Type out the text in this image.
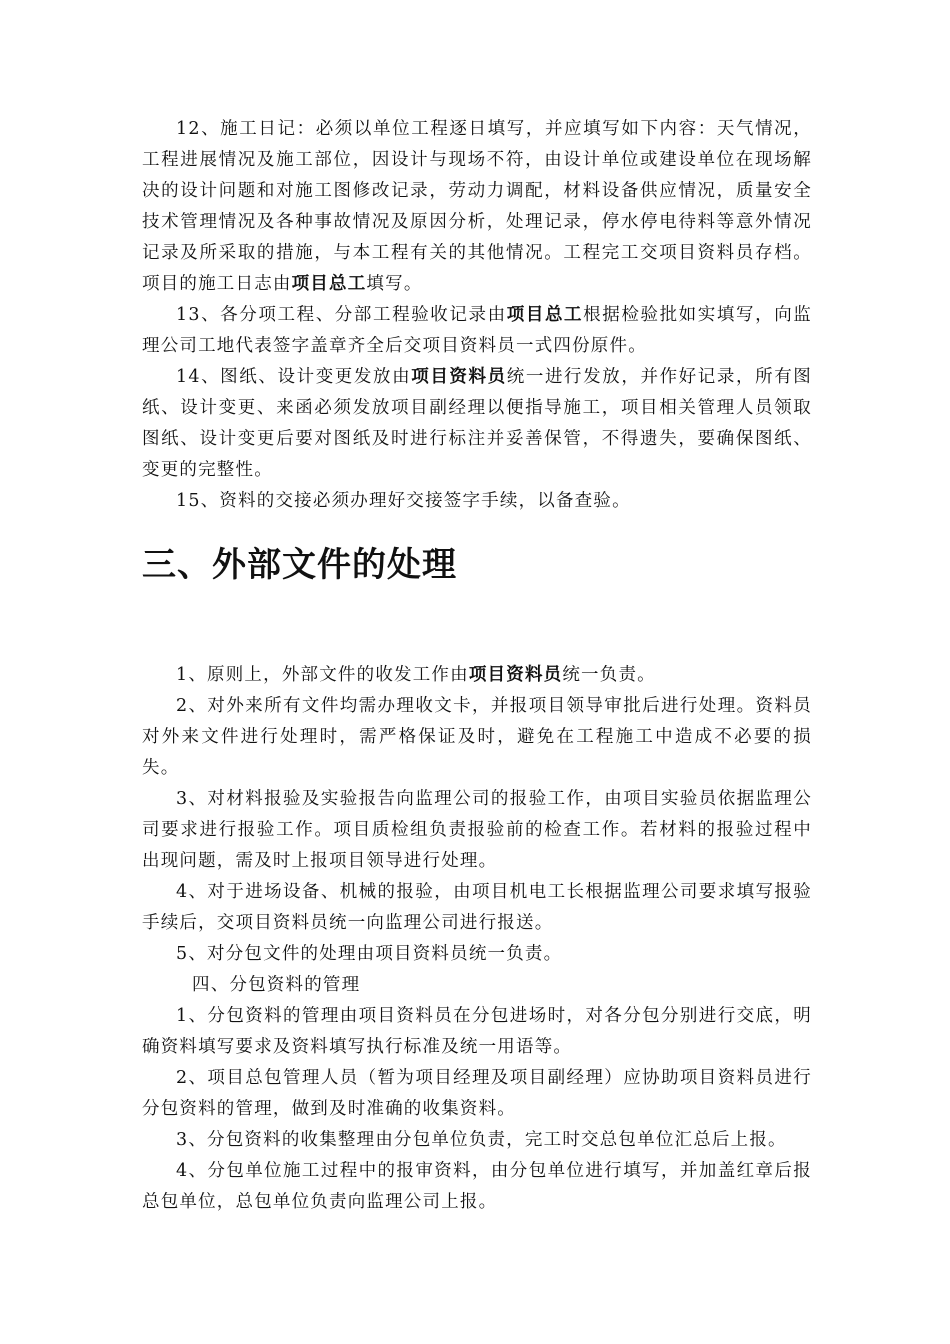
12、施工日记：必须以单位工程逐日填写，并应填写如下内容：天气情况，工程进展情况及施工部位，因设计与现场不符，由设计单位或建设单位在现场解决的设计问题和对施工图修改记录，劳动力调配，材料设备供应情况，质量安全技术管理情况及各种事故情况及原因分析，处理记录，停水停电待料等意外情况记录及所采取的措施，与本工程有关的其他情况。工程完工交项目资料员存档。项目的施工日志由项目总工填写。

13、各分项工程、分部工程验收记录由项目总工根据检验批如实填写，向监理公司工地代表签字盖章齐全后交项目资料员一式四份原件。

14、图纸、设计变更发放由项目资料员统一进行发放，并作好记录，所有图纸、设计变更、来函必须发放项目副经理以便指导施工，项目相关管理人员领取图纸、设计变更后要对图纸及时进行标注并妥善保管，不得遗失，要确保图纸、变更的完整性。

15、资料的交接必须办理好交接签字手续，以备查验。

三、外部文件的处理

1、原则上，外部文件的收发工作由项目资料员统一负责。

2、对外来所有文件均需办理收文卡，并报项目领导审批后进行处理。资料员对外来文件进行处理时，需严格保证及时，避免在工程施工中造成不必要的损失。

3、对材料报验及实验报告向监理公司的报验工作，由项目实验员依据监理公司要求进行报验工作。项目质检组负责报验前的检查工作。若材料的报验过程中出现问题，需及时上报项目领导进行处理。

4、对于进场设备、机械的报验，由项目机电工长根据监理公司要求填写报验手续后，交项目资料员统一向监理公司进行报送。

5、对分包文件的处理由项目资料员统一负责。

四、分包资料的管理

1、分包资料的管理由项目资料员在分包进场时，对各分包分别进行交底，明确资料填写要求及资料填写执行标准及统一用语等。

2、项目总包管理人员（暂为项目经理及项目副经理）应协助项目资料员进行分包资料的管理，做到及时准确的收集资料。

3、分包资料的收集整理由分包单位负责，完工时交总包单位汇总后上报。

4、分包单位施工过程中的报审资料，由分包单位进行填写，并加盖红章后报总包单位，总包单位负责向监理公司上报。
